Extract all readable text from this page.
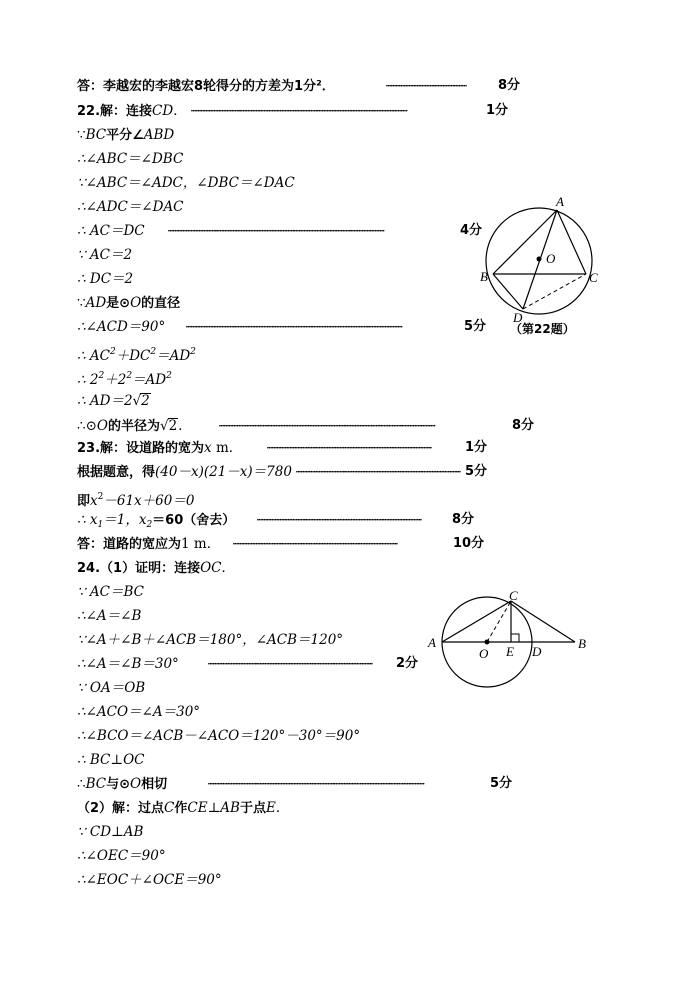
答：李越宏的李越宏8轮得分的方差为1分²．	··················································	8分
22.解：连接CD． ······································································································································	1分
∵BC平分∠ABD
∴∠ABC＝∠DBC
∵∠ABC＝∠ADC，∠DBC＝∠DAC
∴∠ADC＝∠DAC
∴ AC＝DC ······································································································································	4分
∵ AC＝2
∴ DC＝2
∵AD是⊙O的直径
∴∠ACD＝90° ······································································································································	5分
∴ $AC^2+DC^2=AD^2$
∴ $2^2+2^2=AD^2$
∴ AD＝2√2
∴⊙O的半径为√2． ······································································································································	8分
23.解：设道路的宽为x m． ······································································································	1分
根据题意，得(40－x)(21－x)＝780 ······································································································ 5分
即$x^2-61x+60=0$
∴ $x_1=1$，$x_2=60$（舍去） ······································································································	8分
答：道路的宽应为1 m． ······································································································	10分
24.（1）证明：连接OC．
∵ AC＝BC
∴∠A＝∠B
∵∠A＋∠B＋∠ACB＝180°，∠ACB＝120°
∴∠A＝∠B＝30° ······································································································	2分
∵ OA＝OB
∴∠ACO＝∠A＝30°
∴∠BCO＝∠ACB－∠ACO＝120°－30°＝90°
∴ BC⊥OC
∴BC与⊙O相切	······································································································································	5分
（2）解：过点C作CE⊥AB于点E．
∵ CD⊥AB
∴∠OEC＝90°
∴∠EOC＋∠OCE＝90°
A
B	C
D
O
（第22题）
A	B
C
D
E
O
